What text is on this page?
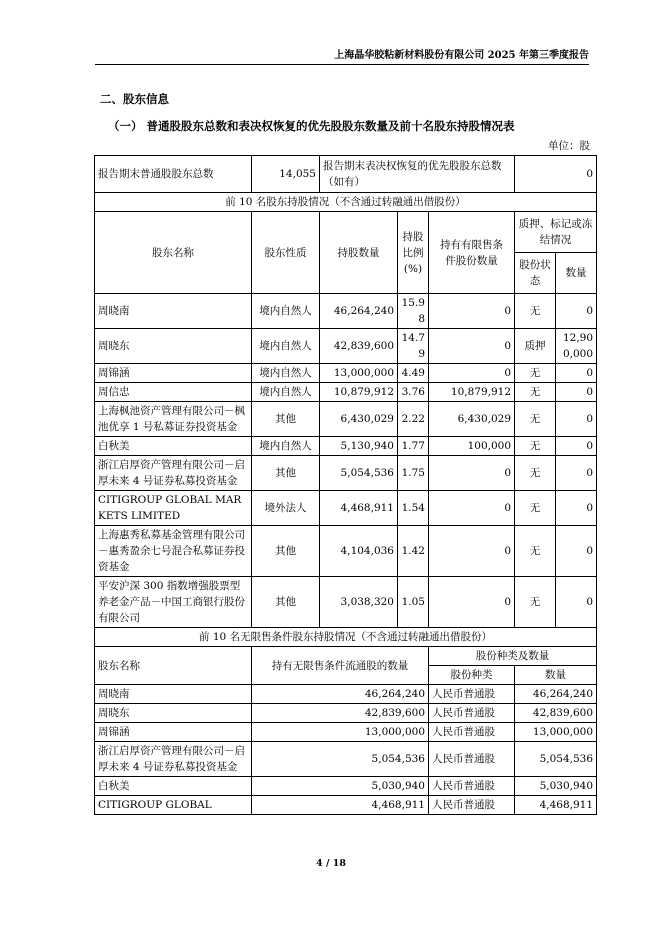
上海晶华胶粘新材料股份有限公司 2025 年第三季度报告
二、股东信息
（一） 普通股股东总数和表决权恢复的优先股股东数量及前十名股东持股情况表
单位：股
报告期末普通股股东总数	14,055	报告期末表决权恢复的优先股股东总数（如有）			0	
前 10 名股东持股情况（不含通过转融通出借股份）						
股东名称	股东性质	持股数量	持股比例(%)	持有有限售条件股份数量	质押、标记或冻结情况	
					股份状态	数量
周晓南	境内自然人	46,264,240	15.98	0	无	0
周晓东	境内自然人	42,839,600	14.79	0	质押	12,900,000
周锦涵	境内自然人	13,000,000	4.49	0	无	0
周信忠	境内自然人	10,879,912	3.76	10,879,912	无	0
上海枫池资产管理有限公司－枫池优享 1 号私募证券投资基金	其他	6,430,029	2.22	6,430,029	无	0
白秋美	境内自然人	5,130,940	1.77	100,000	无	0
浙江启厚资产管理有限公司－启厚未来 4 号证券私募投资基金	其他	5,054,536	1.75	0	无	0
CITIGROUP GLOBAL MARKETS LIMITED	境外法人	4,468,911	1.54	0	无	0
上海惠秀私募基金管理有限公司－惠秀盈余七号混合私募证券投资基金	其他	4,104,036	1.42	0	无	0
平安沪深 300 指数增强股票型养老金产品－中国工商银行股份有限公司	其他	3,038,320	1.05	0	无	0
前 10 名无限售条件股东持股情况（不含通过转融通出借股份）						
股东名称	持有无限售条件流通股的数量			股份种类及数量		
				股份种类	数量	
周晓南	46,264,240			人民币普通股	46,264,240	
周晓东	42,839,600			人民币普通股	42,839,600	
周锦涵	13,000,000			人民币普通股	13,000,000	
浙江启厚资产管理有限公司－启厚未来 4 号证券私募投资基金	5,054,536			人民币普通股	5,054,536	
白秋美	5,030,940			人民币普通股	5,030,940	
CITIGROUP GLOBAL	4,468,911			人民币普通股	4,468,911	
4 / 18
